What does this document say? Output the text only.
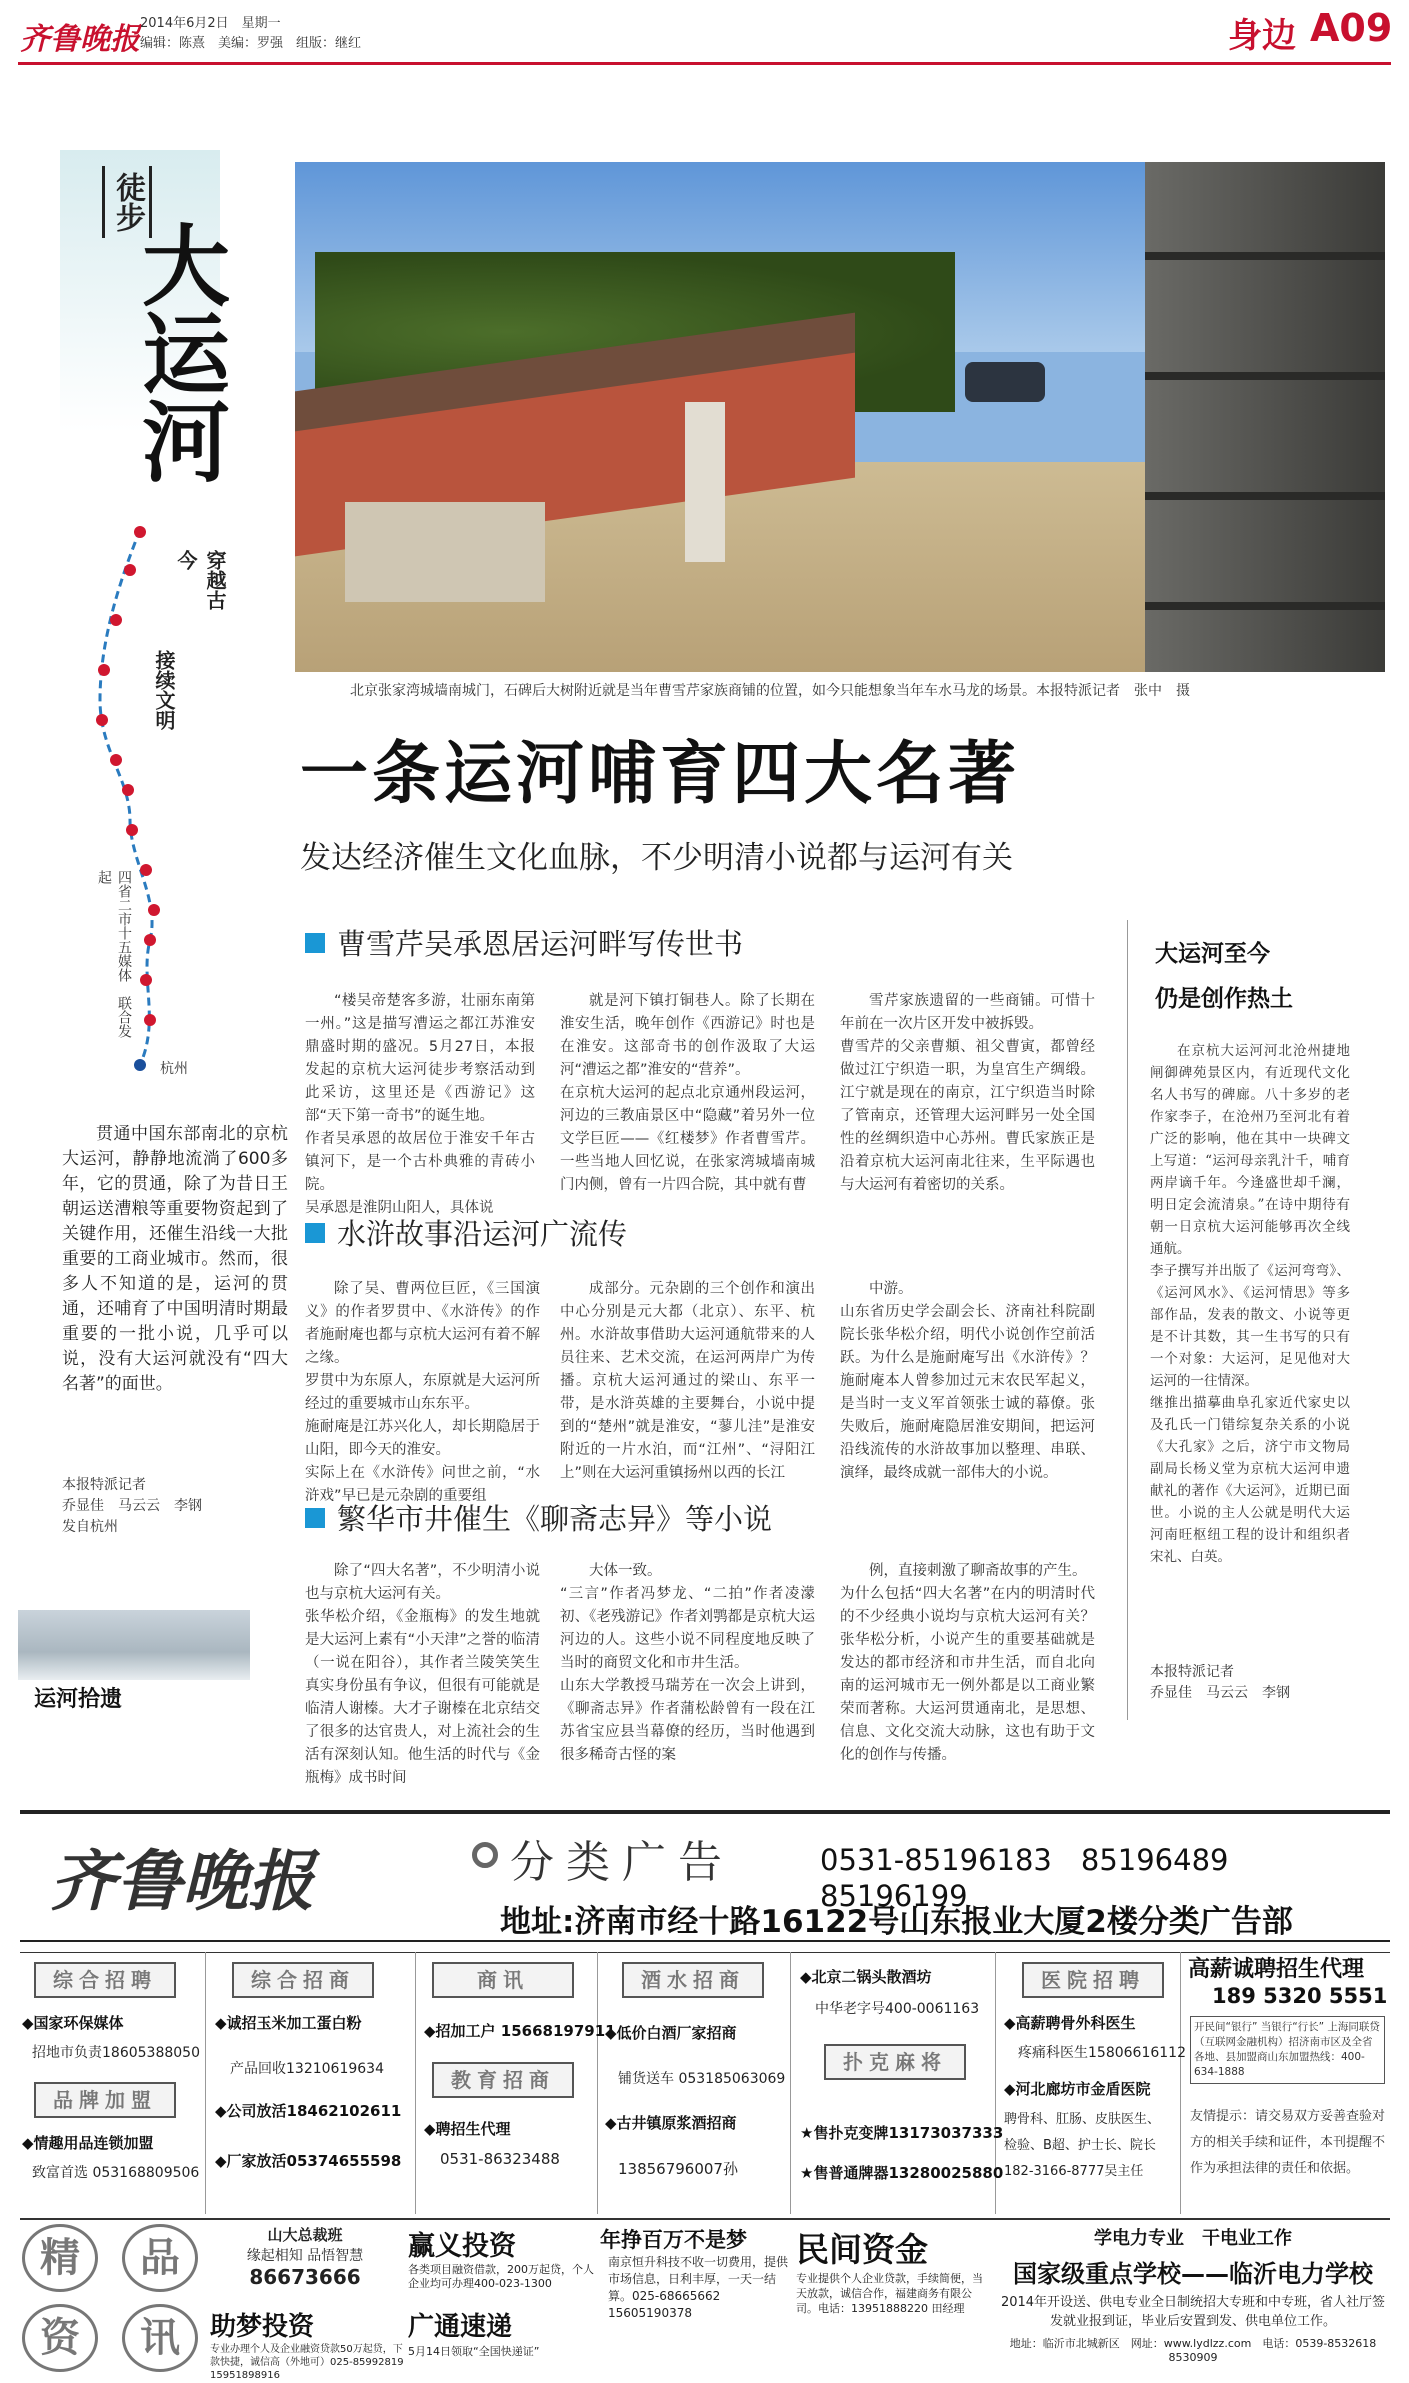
齐鲁晚报 2014年6月2日　星期一
编辑：陈熹　美编：罗强　组版：继红	身边 A09
徒步
大运河
穿越古今
接续文明
四省二市十五媒体　联合发起
杭州
贯通中国东部南北的京杭大运河，静静地流淌了600多年，它的贯通，除了为昔日王朝运送漕粮等重要物资起到了关键作用，还催生沿线一大批重要的工商业城市。然而，很多人不知道的是，运河的贯通，还哺育了中国明清时期最重要的一批小说，几乎可以说，没有大运河就没有“四大名著”的面世。
本报特派记者
乔显佳　马云云　李钢
发自杭州
运河拾遗
北京张家湾城墙南城门，石碑后大树附近就是当年曹雪芹家族商铺的位置，如今只能想象当年车水马龙的场景。本报特派记者　张中　摄
一条运河哺育四大名著
发达经济催生文化血脉，不少明清小说都与运河有关
曹雪芹吴承恩居运河畔写传世书
“楼吴帝楚客多游，壮丽东南第一州。”这是描写漕运之都江苏淮安鼎盛时期的盛况。5月27日，本报发起的京杭大运河徒步考察活动到此采访，这里还是《西游记》这部“天下第一奇书”的诞生地。
作者吴承恩的故居位于淮安千年古镇河下，是一个古朴典雅的青砖小院。
吴承恩是淮阴山阳人，具体说
就是河下镇打铜巷人。除了长期在淮安生活，晚年创作《西游记》时也是在淮安。这部奇书的创作汲取了大运河“漕运之都”淮安的“营养”。
在京杭大运河的起点北京通州段运河，河边的三教庙景区中“隐藏”着另外一位文学巨匠——《红楼梦》作者曹雪芹。一些当地人回忆说，在张家湾城墙南城门内侧，曾有一片四合院，其中就有曹
雪芹家族遗留的一些商铺。可惜十年前在一次片区开发中被拆毁。
曹雪芹的父亲曹頫、祖父曹寅，都曾经做过江宁织造一职，为皇宫生产绸缎。江宁就是现在的南京，江宁织造当时除了管南京，还管理大运河畔另一处全国性的丝绸织造中心苏州。曹氏家族正是沿着京杭大运河南北往来，生平际遇也与大运河有着密切的关系。
水浒故事沿运河广流传
除了吴、曹两位巨匠，《三国演义》的作者罗贯中、《水浒传》的作者施耐庵也都与京杭大运河有着不解之缘。
罗贯中为东原人，东原就是大运河所经过的重要城市山东东平。
施耐庵是江苏兴化人，却长期隐居于山阳，即今天的淮安。
实际上在《水浒传》问世之前，“水浒戏”早已是元杂剧的重要组
成部分。元杂剧的三个创作和演出中心分别是元大都（北京）、东平、杭州。水浒故事借助大运河通航带来的人员往来、艺术交流，在运河两岸广为传播。京杭大运河通过的梁山、东平一带，是水浒英雄的主要舞台，小说中提到的“楚州”就是淮安，“蓼儿洼”是淮安附近的一片水泊，而“江州”、“浔阳江上”则在大运河重镇扬州以西的长江
中游。
山东省历史学会副会长、济南社科院副院长张华松介绍，明代小说创作空前活跃。为什么是施耐庵写出《水浒传》？施耐庵本人曾参加过元末农民军起义，是当时一支义军首领张士诚的幕僚。张失败后，施耐庵隐居淮安期间，把运河沿线流传的水浒故事加以整理、串联、演绎，最终成就一部伟大的小说。
繁华市井催生《聊斋志异》等小说
除了“四大名著”，不少明清小说也与京杭大运河有关。
张华松介绍，《金瓶梅》的发生地就是大运河上素有“小天津”之誉的临清（一说在阳谷），其作者兰陵笑笑生真实身份虽有争议，但很有可能就是临清人谢榛。大才子谢榛在北京结交了很多的达官贵人，对上流社会的生活有深刻认知。他生活的时代与《金瓶梅》成书时间
大体一致。
“三言”作者冯梦龙、“二拍”作者凌濛初、《老残游记》作者刘鹗都是京杭大运河边的人。这些小说不同程度地反映了当时的商贸文化和市井生活。
山东大学教授马瑞芳在一次会上讲到，《聊斋志异》作者蒲松龄曾有一段在江苏省宝应县当幕僚的经历，当时他遇到很多稀奇古怪的案
例，直接刺激了聊斋故事的产生。
为什么包括“四大名著”在内的明清时代的不少经典小说均与京杭大运河有关？张华松分析，小说产生的重要基础就是发达的都市经济和市井生活，而自北向南的运河城市无一例外都是以工商业繁荣而著称。大运河贯通南北，是思想、信息、文化交流大动脉，这也有助于文化的创作与传播。
大运河至今
仍是创作热土
在京杭大运河河北沧州捷地闸御碑苑景区内，有近现代文化名人书写的碑廊。八十多岁的老作家李子，在沧州乃至河北有着广泛的影响，他在其中一块碑文上写道：“运河母亲乳汁千，哺育两岸谪千年。今逢盛世却千澜，明日定会流清泉。”在诗中期待有朝一日京杭大运河能够再次全线通航。
李子撰写并出版了《运河弯弯》、《运河风水》、《运河情思》等多部作品，发表的散文、小说等更是不计其数，其一生书写的只有一个对象：大运河，足见他对大运河的一往情深。
继推出描摹曲阜孔家近代家史以及孔氏一门错综复杂关系的小说《大孔家》之后，济宁市文物局副局长杨义堂为京杭大运河申遗献礼的著作《大运河》，近期已面世。小说的主人公就是明代大运河南旺枢纽工程的设计和组织者宋礼、白英。
本报特派记者
乔显佳　马云云　李钢
齐鲁晚报	分类广告	0531-85196183　85196489　85196199
地址:济南市经十路16122号山东报业大厦2楼分类广告部
综合招聘
◆国家环保媒体
招地市负责18605388050
品牌加盟
◆情趣用品连锁加盟
致富首选 053168809506
综合招商
◆诚招玉米加工蛋白粉
产品回收13210619634
◆公司放活18462102611
◆厂家放活05374655598
商讯
◆招加工户 15668197911
教育招商
◆聘招生代理
0531-86323488
酒水招商
◆低价白酒厂家招商
铺货送车 053185063069
◆古井镇原浆酒招商
13856796007孙
◆北京二锅头散酒坊
中华老字号400-0061163
扑克麻将
★售扑克变牌13173037333
★售普通牌器13280025880
医院招聘
◆高薪聘骨外科医生
疼痛科医生15806616112
◆河北廊坊市金盾医院
聘骨科、肛肠、皮肤医生、
检验、B超、护士长、院长
182-3166-8777吴主任
高薪诚聘招生代理
189 5320 5551
开民间“银行” 当银行“行长” 上海同联贷（互联网金融机构）招济南市区及全省各地、县加盟商山东加盟热线：400-634-1888
友情提示：请交易双方妥善查验对方的相关手续和证件，本刊提醒不作为承担法律的责任和依据。
精	品
资	讯
山大总裁班
缘起相知 品悟智慧
86673666
赢义投资
各类项目融资借款，200万起贷，个人企业均可办理400-023-1300
助梦投资
专业办理个人及企业融资贷款50万起贷，下款快捷，诚信高（外地可）025-85992819 15951898916
广通速递
5月14日领取“全国快递证”
年挣百万不是梦
南京恒升科技不收一切费用，提供市场信息，日利丰厚，一天一结算。025-68665662 15605190378
民间资金
专业提供个人企业贷款，手续简便，当天放款，诚信合作，福建商务有限公司。电话：13951888220 田经理
学电力专业　干电业工作
国家级重点学校——临沂电力学校
2014年开设送、供电专业全日制统招大专班和中专班，省人社厅签发就业报到证，毕业后安置到发、供电单位工作。
地址：临沂市北城新区　网址：www.lydlzz.com　电话：0539-8532618　8530909
